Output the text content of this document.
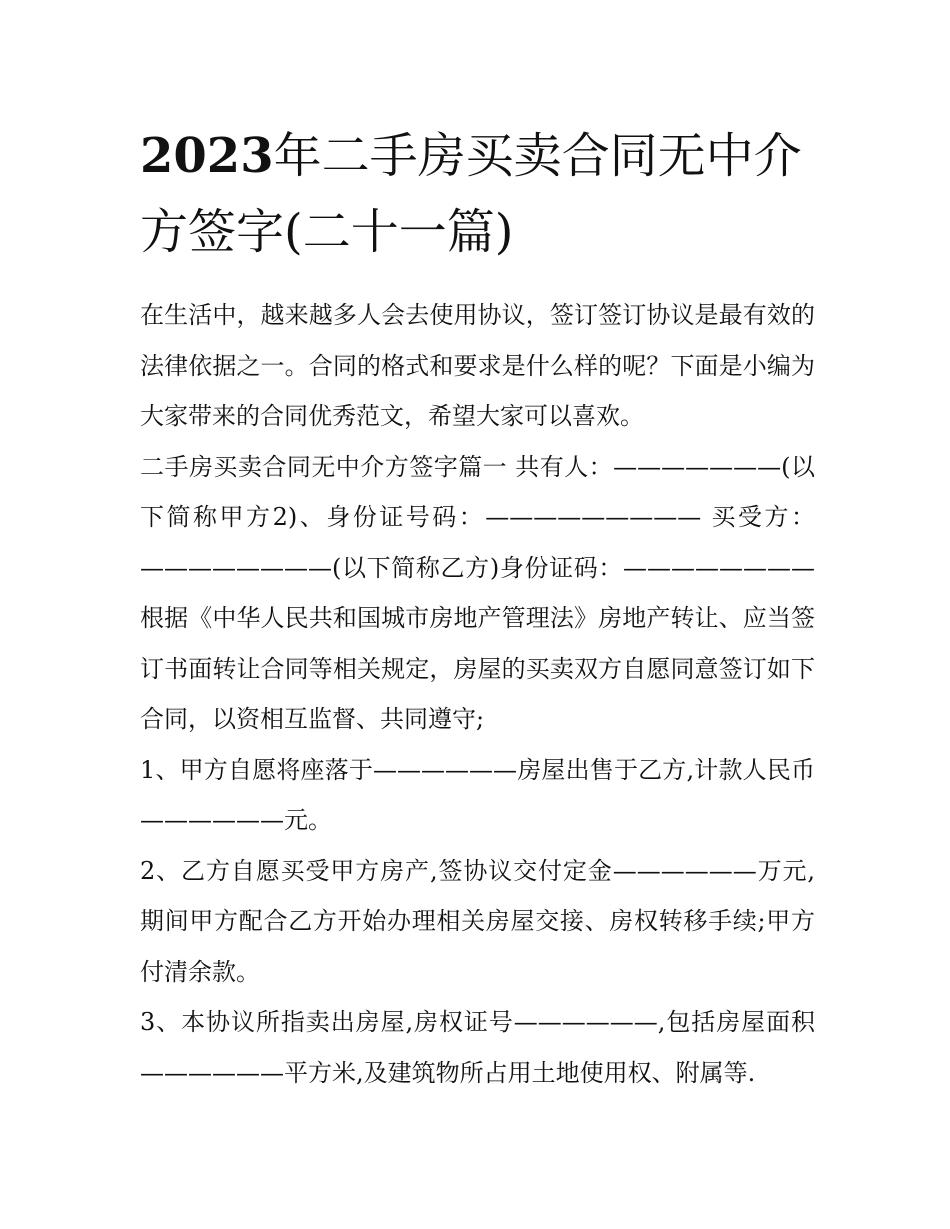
2023年二手房买卖合同无中介方签字(二十一篇)

在生活中，越来越多人会去使用协议，签订签订协议是最有效的法律依据之一。合同的格式和要求是什么样的呢？下面是小编为大家带来的合同优秀范文，希望大家可以喜欢。

二手房买卖合同无中介方签字篇一 共有人：———————(以下简称甲方2)、身份证号码：————————— 买受方：————————(以下简称乙方)身份证码：———————— 根据《中华人民共和国城市房地产管理法》房地产转让、应当签订书面转让合同等相关规定，房屋的买卖双方自愿同意签订如下合同，以资相互监督、共同遵守;

1、甲方自愿将座落于——————房屋出售于乙方,计款人民币——————元。

2、乙方自愿买受甲方房产,签协议交付定金——————万元,期间甲方配合乙方开始办理相关房屋交接、房权转移手续;甲方付清余款。

3、本协议所指卖出房屋,房权证号——————,包括房屋面积——————平方米,及建筑物所占用土地使用权、附属等.
